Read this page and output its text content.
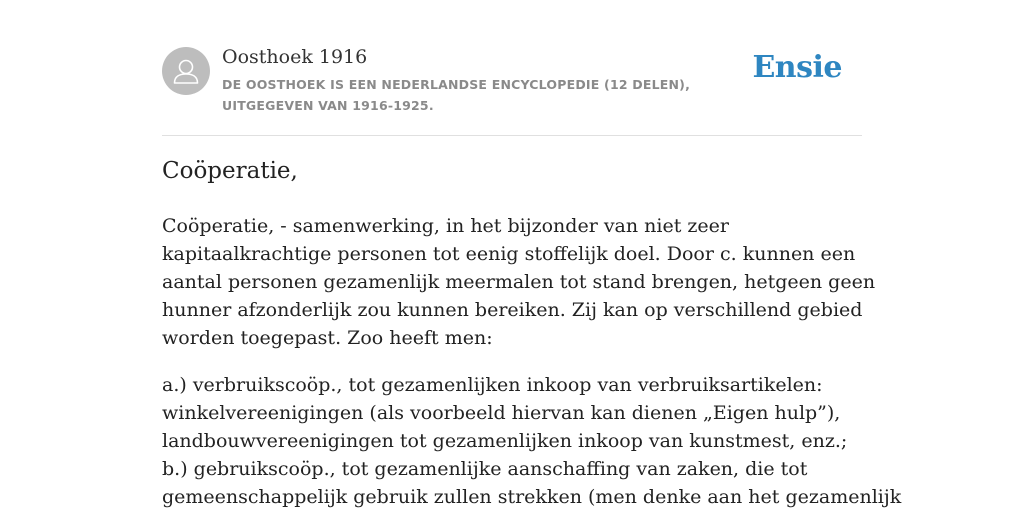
Oosthoek 1916
DE OOSTHOEK IS EEN NEDERLANDSE ENCYCLOPEDIE (12 DELEN), UITGEGEVEN VAN 1916-1925.
Ensie
Coöperatie,

Coöperatie, - samenwerking, in het bijzonder van niet zeer kapitaalkrachtige personen tot eenig stoffelijk doel. Door c. kunnen een aantal personen gezamenlijk meermalen tot stand brengen, hetgeen geen hunner afzonderlijk zou kunnen bereiken. Zij kan op verschillend gebied worden toegepast. Zoo heeft men:

a.) verbruikscoöp., tot gezamenlijken inkoop van verbruiksartikelen:
winkelvereenigingen (als voorbeeld hiervan kan dienen „Eigen hulp”),
landbouwvereenigingen tot gezamenlijken inkoop van kunstmest, enz.;
b.) gebruikscoöp., tot gezamenlijke aanschaffing van zaken, die tot
gemeenschappelijk gebruik zullen strekken (men denke aan het gezamenlijk
